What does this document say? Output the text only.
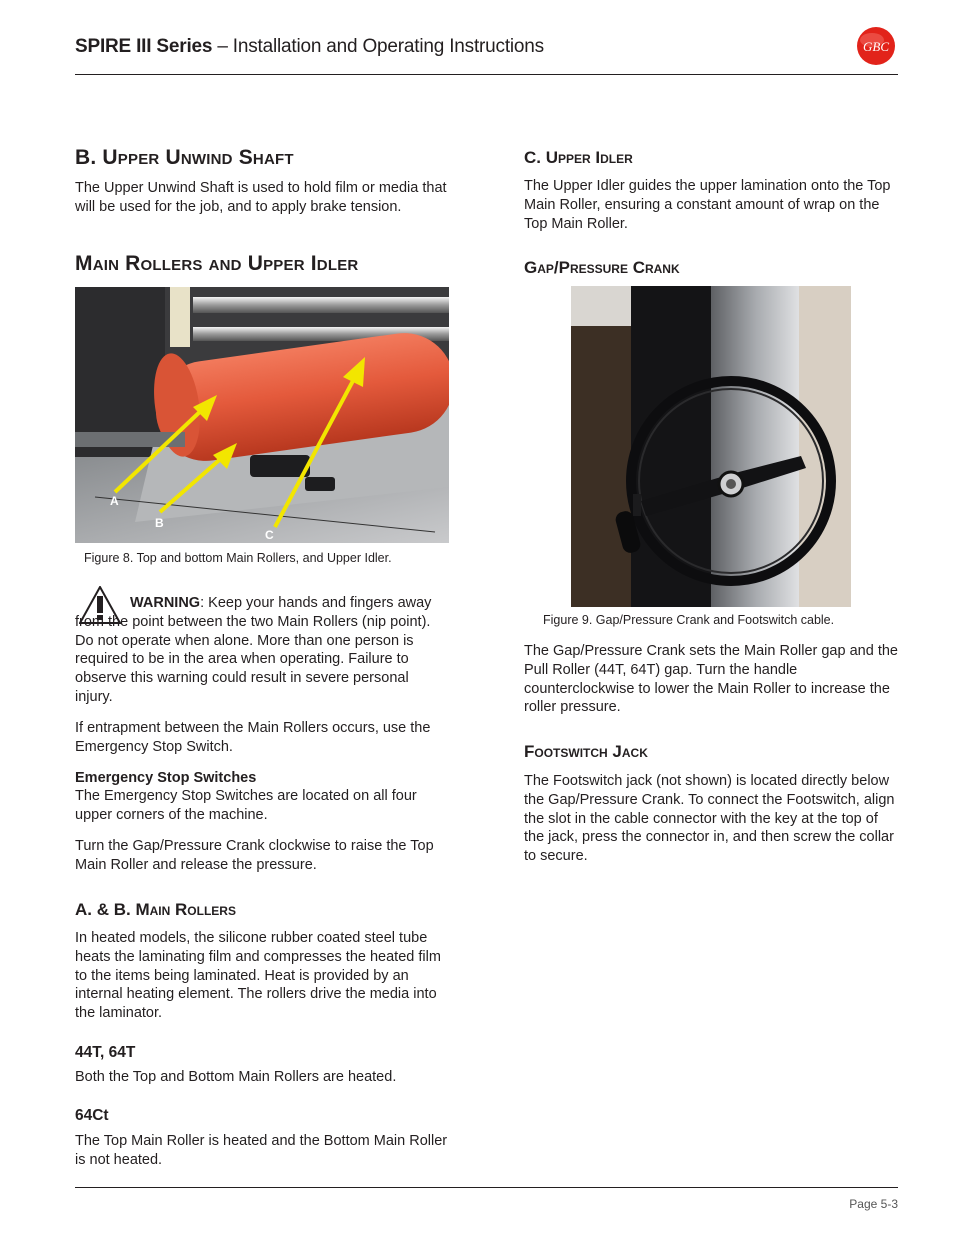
SPIRE III Series – Installation and Operating Instructions	GBC
B. Upper Unwind Shaft
The Upper Unwind Shaft is used to hold film or media that will be used for the job, and to apply brake tension.
Main Rollers and Upper Idler
A
B
C
Figure 8. Top and bottom Main Rollers, and Upper Idler.
WARNING: Keep your hands and fingers away from the point between the two Main Rollers (nip point). Do not operate when alone. More than one person is required to be in the area when operating. Failure to observe this warning could result in severe personal injury.
If entrapment between the Main Rollers occurs, use the Emergency Stop Switch.
Emergency Stop Switches
The Emergency Stop Switches are located on all four upper corners of the machine.
Turn the Gap/Pressure Crank clockwise to raise the Top Main Roller and release the pressure.
A. & B. Main Rollers
In heated models, the silicone rubber coated steel tube heats the laminating film and compresses the heated film to the items being laminated. Heat is provided by an internal heating element. The rollers drive the media into the laminator.
44T, 64T
Both the Top and Bottom Main Rollers are heated.
64Ct
The Top Main Roller is heated and the Bottom Main Roller is not heated.
C. Upper Idler
The Upper Idler guides the upper lamination onto the Top Main Roller, ensuring a constant amount of wrap on the Top Main Roller.
Gap/Pressure Crank
Figure 9. Gap/Pressure Crank and Footswitch cable.
The Gap/Pressure Crank sets the Main Roller gap and the Pull Roller (44T, 64T) gap. Turn the handle counterclockwise to lower the Main Roller to increase the roller pressure.
Footswitch Jack
The Footswitch jack (not shown) is located directly below the Gap/Pressure Crank. To connect the Footswitch, align the slot in the cable connector with the key at the top of the jack, press the connector in, and then screw the collar to secure.
Page 5-3
